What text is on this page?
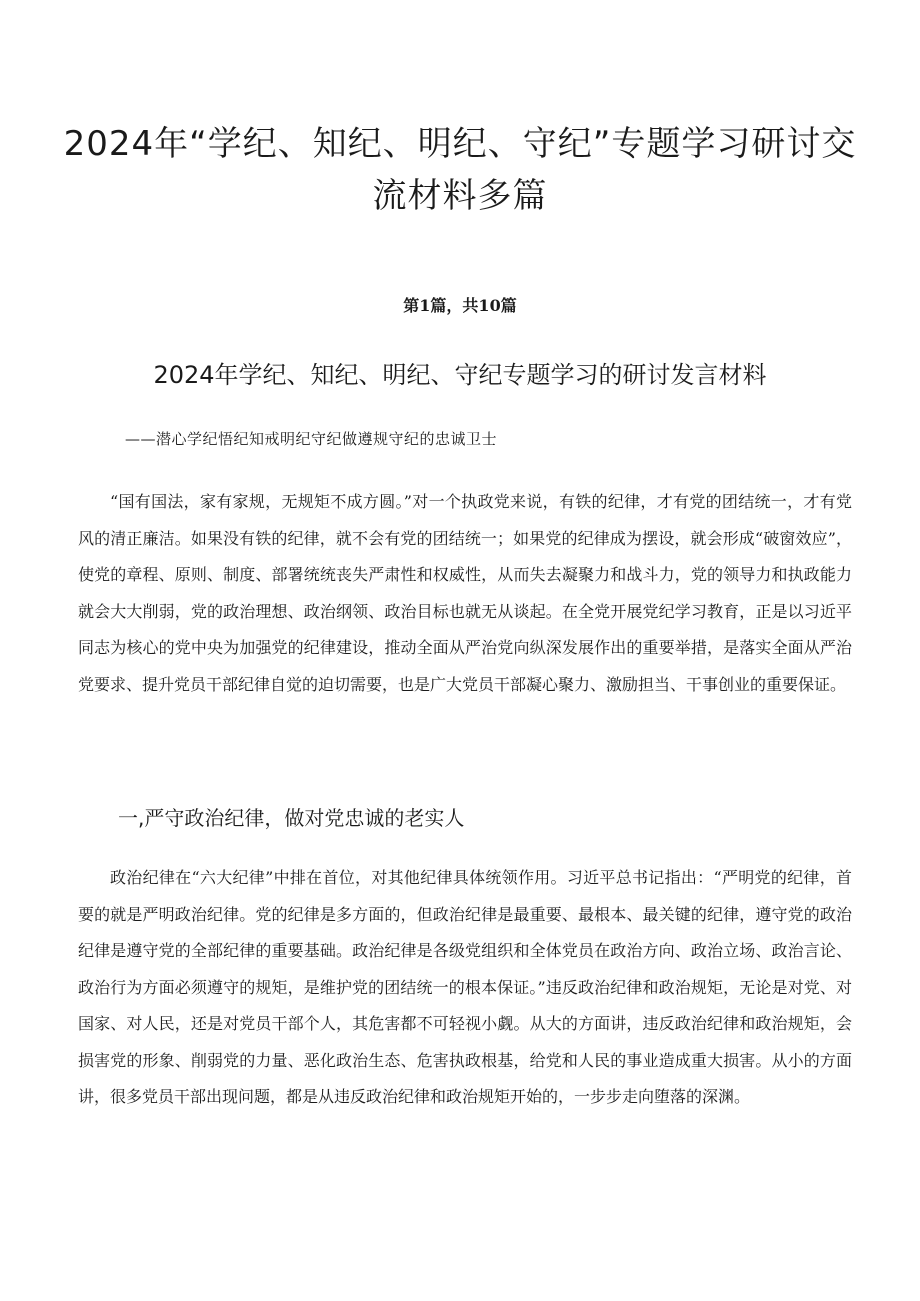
2024年“学纪、知纪、明纪、守纪”专题学习研讨交流材料多篇
第1篇，共10篇
2024年学纪、知纪、明纪、守纪专题学习的研讨发言材料
——潜心学纪悟纪知戒明纪守纪做遵规守纪的忠诚卫士

“国有国法，家有家规，无规矩不成方圆。”对一个执政党来说，有铁的纪律，才有党的团结统一，才有党风的清正廉洁。如果没有铁的纪律，就不会有党的团结统一；如果党的纪律成为摆设，就会形成“破窗效应”，使党的章程、原则、制度、部署统统丧失严肃性和权威性，从而失去凝聚力和战斗力，党的领导力和执政能力就会大大削弱，党的政治理想、政治纲领、政治目标也就无从谈起。在全党开展党纪学习教育，正是以习近平同志为核心的党中央为加强党的纪律建设，推动全面从严治党向纵深发展作出的重要举措，是落实全面从严治党要求、提升党员干部纪律自觉的迫切需要，也是广大党员干部凝心聚力、激励担当、干事创业的重要保证。

一,严守政治纪律，做对党忠诚的老实人

政治纪律在“六大纪律”中排在首位，对其他纪律具体统领作用。习近平总书记指出：“严明党的纪律，首要的就是严明政治纪律。党的纪律是多方面的，但政治纪律是最重要、最根本、最关键的纪律，遵守党的政治纪律是遵守党的全部纪律的重要基础。政治纪律是各级党组织和全体党员在政治方向、政治立场、政治言论、政治行为方面必须遵守的规矩，是维护党的团结统一的根本保证。”违反政治纪律和政治规矩，无论是对党、对国家、对人民，还是对党员干部个人，其危害都不可轻视小觑。从大的方面讲，违反政治纪律和政治规矩，会损害党的形象、削弱党的力量、恶化政治生态、危害执政根基，给党和人民的事业造成重大损害。从小的方面讲，很多党员干部出现问题，都是从违反政治纪律和政治规矩开始的，一步步走向堕落的深渊。
